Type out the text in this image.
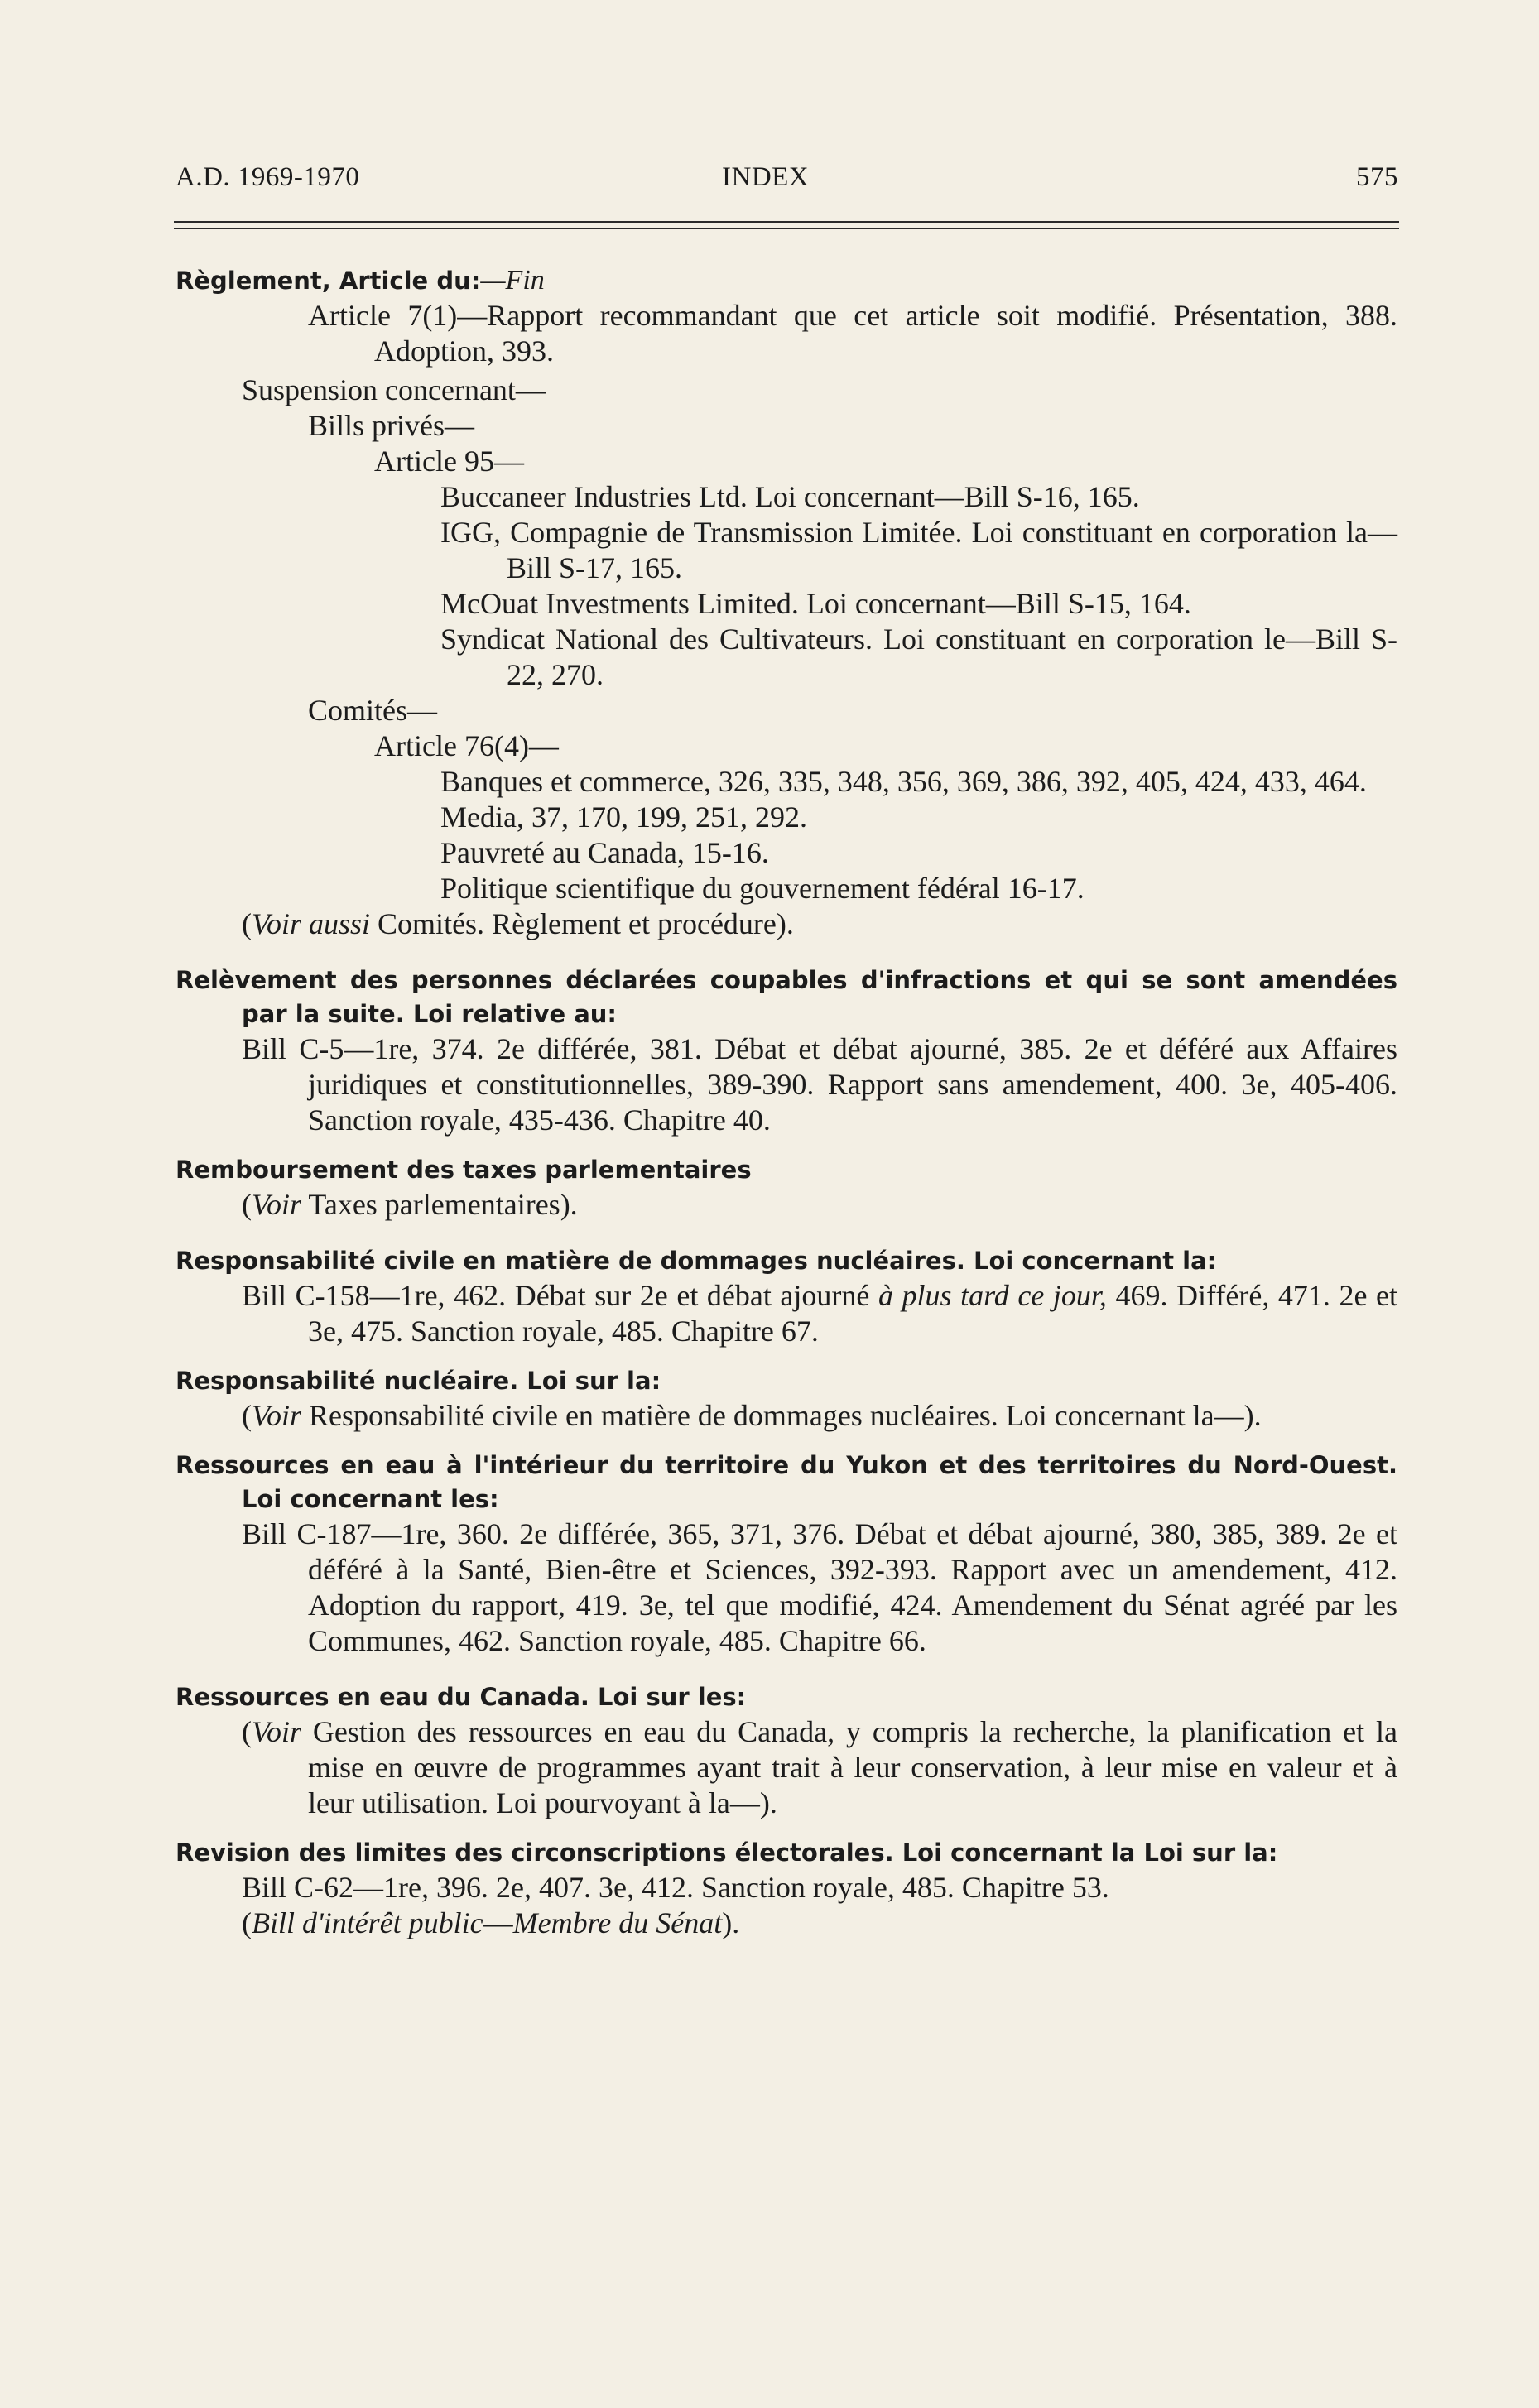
A.D. 1969-1970	INDEX	575
Règlement, Article du:—Fin
Article 7(1)—Rapport recommandant que cet article soit modifié. Présentation, 388. Adoption, 393.
Suspension concernant—
Bills privés—
Article 95—
Buccaneer Industries Ltd. Loi concernant—Bill S-16, 165.
IGG, Compagnie de Transmission Limitée. Loi constituant en corporation la—Bill S-17, 165.
McOuat Investments Limited. Loi concernant—Bill S-15, 164.
Syndicat National des Cultivateurs. Loi constituant en corporation le—Bill S-22, 270.
Comités—
Article 76(4)—
Banques et commerce, 326, 335, 348, 356, 369, 386, 392, 405, 424, 433, 464.
Media, 37, 170, 199, 251, 292.
Pauvreté au Canada, 15-16.
Politique scientifique du gouvernement fédéral 16-17.
(Voir aussi Comités. Règlement et procédure).
Relèvement des personnes déclarées coupables d'infractions et qui se sont amendées par la suite. Loi relative au:
Bill C-5—1re, 374. 2e différée, 381. Débat et débat ajourné, 385. 2e et déféré aux Affaires juridiques et constitutionnelles, 389-390. Rapport sans amendement, 400. 3e, 405-406. Sanction royale, 435-436. Chapitre 40.
Remboursement des taxes parlementaires
(Voir Taxes parlementaires).
Responsabilité civile en matière de dommages nucléaires. Loi concernant la:
Bill C-158—1re, 462. Débat sur 2e et débat ajourné à plus tard ce jour, 469. Différé, 471. 2e et 3e, 475. Sanction royale, 485. Chapitre 67.
Responsabilité nucléaire. Loi sur la:
(Voir Responsabilité civile en matière de dommages nucléaires. Loi concernant la—).
Ressources en eau à l'intérieur du territoire du Yukon et des territoires du Nord-Ouest. Loi concernant les:
Bill C-187—1re, 360. 2e différée, 365, 371, 376. Débat et débat ajourné, 380, 385, 389. 2e et déféré à la Santé, Bien-être et Sciences, 392-393. Rapport avec un amendement, 412. Adoption du rapport, 419. 3e, tel que modifié, 424. Amendement du Sénat agréé par les Communes, 462. Sanction royale, 485. Chapitre 66.
Ressources en eau du Canada. Loi sur les:
(Voir Gestion des ressources en eau du Canada, y compris la recherche, la planification et la mise en œuvre de programmes ayant trait à leur conservation, à leur mise en valeur et à leur utilisation. Loi pourvoyant à la—).
Revision des limites des circonscriptions électorales. Loi concernant la Loi sur la:
Bill C-62—1re, 396. 2e, 407. 3e, 412. Sanction royale, 485. Chapitre 53.
(Bill d'intérêt public—Membre du Sénat).
